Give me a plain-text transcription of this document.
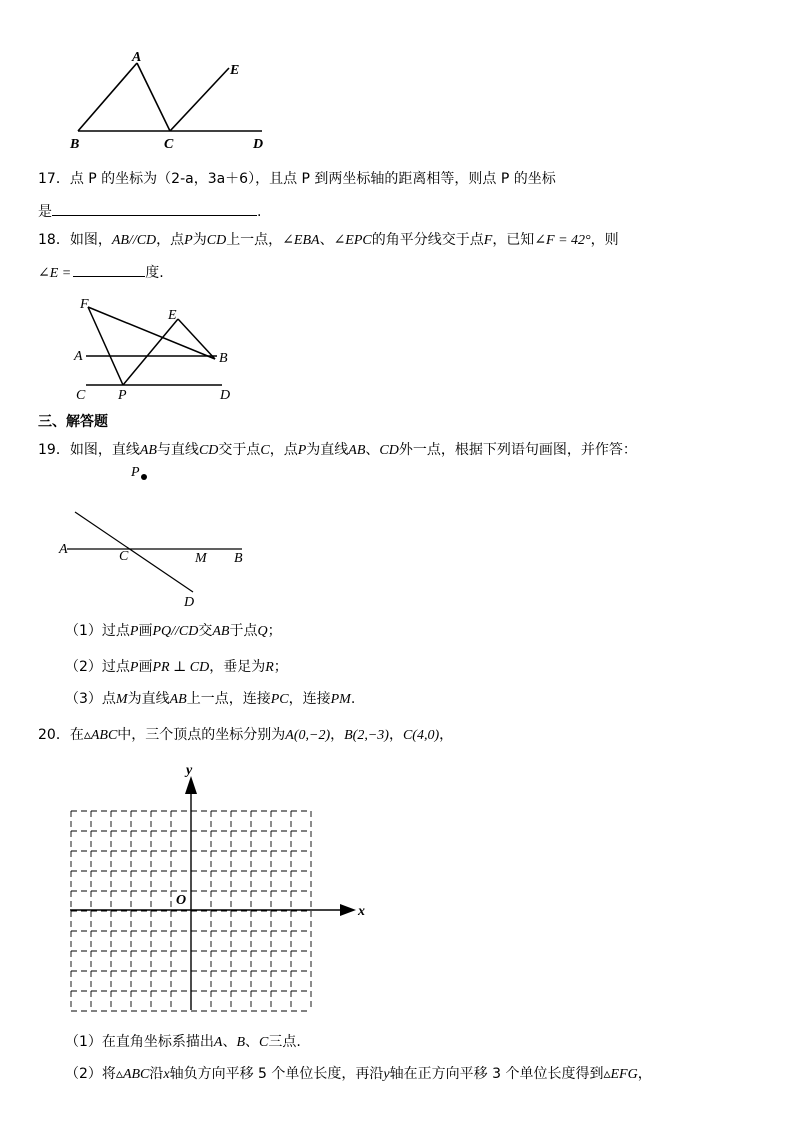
A
B	C	D
E
17．点 P 的坐标为（2-a，3a＋6），且点 P 到两坐标轴的距离相等，则点 P 的坐标
是	.
18．如图，AB//CD，点P为CD上一点，∠EBA、∠EPC的角平分线交于点F，已知∠F = 42°，则
∠E =	度.
F
E
A	B
C P	D
三、解答题
19．如图，直线AB与直线CD交于点C，点P为直线AB、CD外一点，根据下列语句画图，并作答：
P
A	C	M B
D
（1）过点P画PQ//CD交AB于点Q；
（2）过点P画PR ⊥ CD，垂足为R；
（3）点M为直线AB上一点，连接PC，连接PM.
20．在▵ABC中，三个顶点的坐标分别为A(0,−2)，B(2,−3)，C(4,0)，
y
x
O
（1）在直角坐标系描出A、B、C三点.
（2）将▵ABC沿x轴负方向平移 5 个单位长度，再沿y轴在正方向平移 3 个单位长度得到▵EFG，
